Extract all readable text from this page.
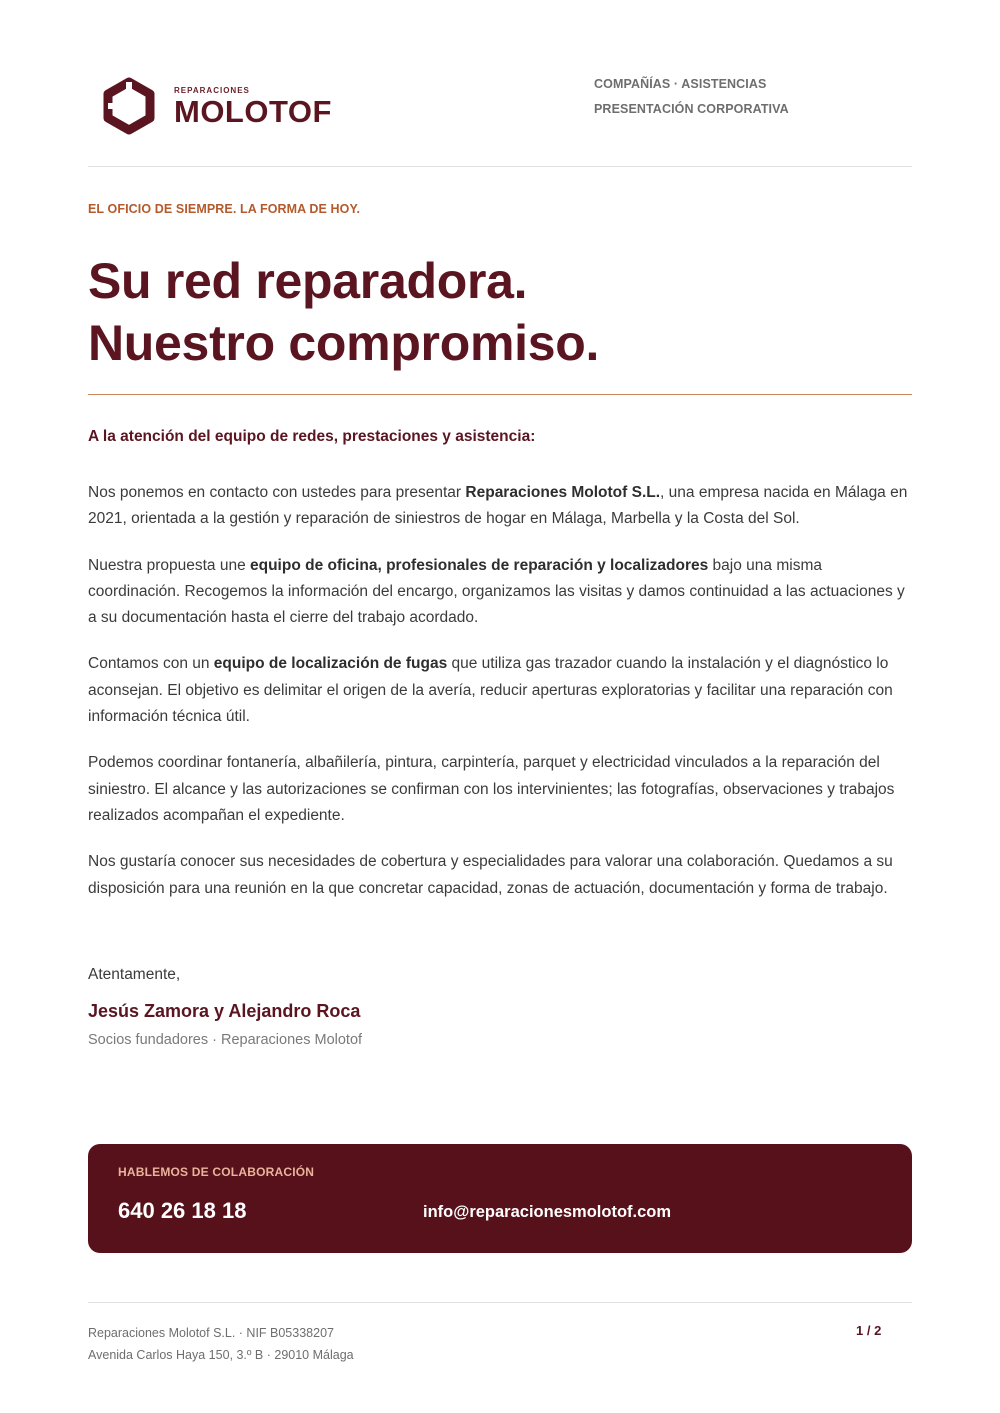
REPARACIONES
MOLOTOF
COMPAÑÍAS · ASISTENCIAS
PRESENTACIÓN CORPORATIVA
EL OFICIO DE SIEMPRE. LA FORMA DE HOY.
Su red reparadora.
Nuestro compromiso.
A la atención del equipo de redes, prestaciones y asistencia:

Nos ponemos en contacto con ustedes para presentar Reparaciones Molotof S.L., una empresa nacida en Málaga en 2021, orientada a la gestión y reparación de siniestros de hogar en Málaga, Marbella y la Costa del Sol.

Nuestra propuesta une equipo de oficina, profesionales de reparación y localizadores bajo una misma coordinación. Recogemos la información del encargo, organizamos las visitas y damos continuidad a las actuaciones y a su documentación hasta el cierre del trabajo acordado.

Contamos con un equipo de localización de fugas que utiliza gas trazador cuando la instalación y el diagnóstico lo aconsejan. El objetivo es delimitar el origen de la avería, reducir aperturas exploratorias y facilitar una reparación con información técnica útil.

Podemos coordinar fontanería, albañilería, pintura, carpintería, parquet y electricidad vinculados a la reparación del siniestro. El alcance y las autorizaciones se confirman con los intervinientes; las fotografías, observaciones y trabajos realizados acompañan el expediente.

Nos gustaría conocer sus necesidades de cobertura y especialidades para valorar una colaboración. Quedamos a su disposición para una reunión en la que concretar capacidad, zonas de actuación, documentación y forma de trabajo.

Atentamente,
Jesús Zamora y Alejandro Roca
Socios fundadores · Reparaciones Molotof
HABLEMOS DE COLABORACIÓN
640 26 18 18	info@reparacionesmolotof.com
Reparaciones Molotof S.L. · NIF B05338207
Avenida Carlos Haya 150, 3.º B · 29010 Málaga
1 / 2
